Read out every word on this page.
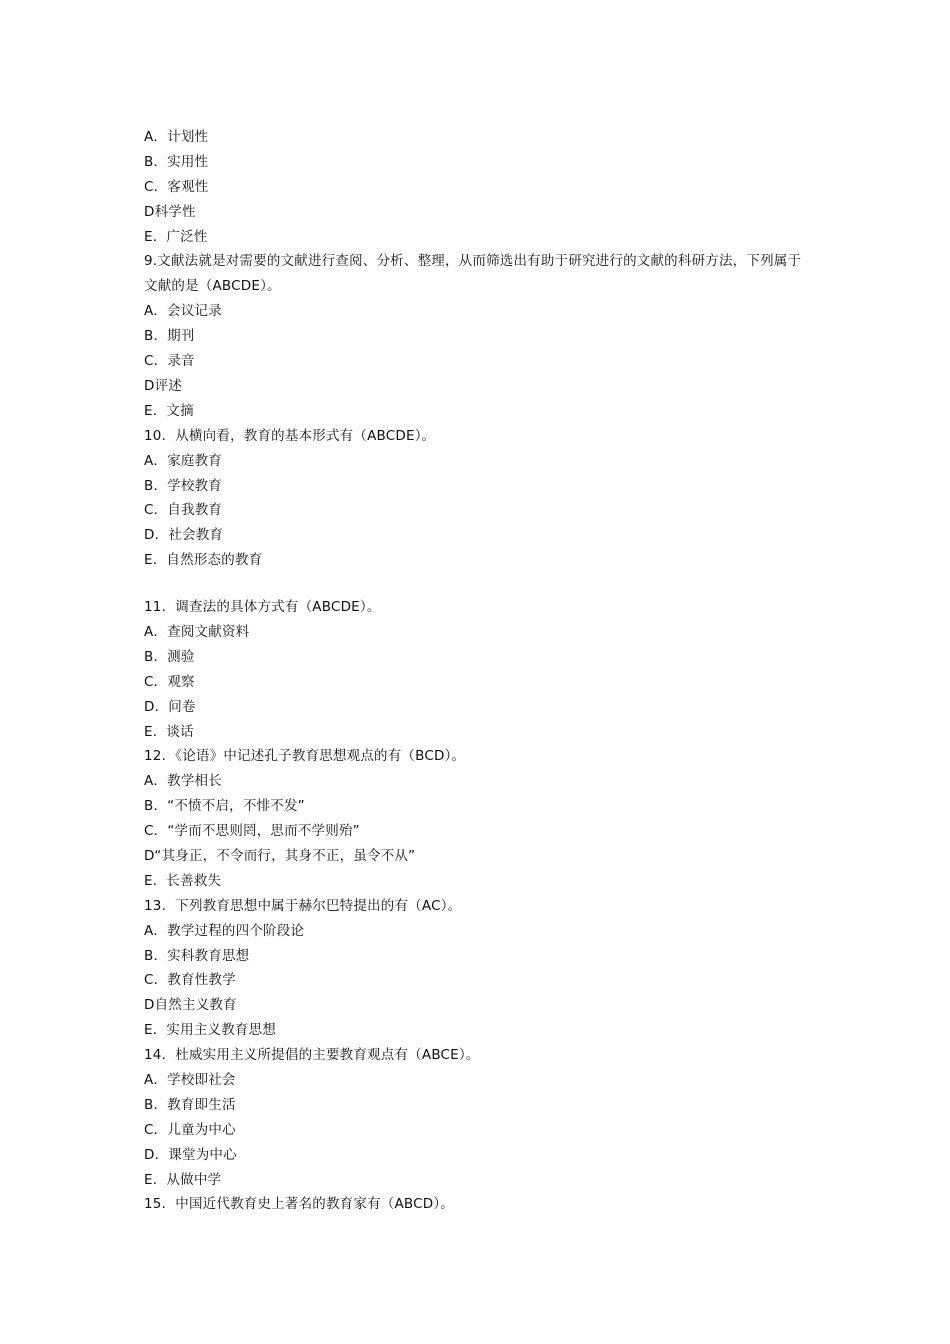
A．计划性
B．实用性
C．客观性
D科学性
E．广泛性
9.文献法就是对需要的文献进行查阅、分析、整理，从而筛选出有助于研究进行的文献的科研方法，下列属于文献的是（ABCDE）。
A．会议记录
B．期刊
C．录音
D评述
E．文摘
10．从横向看，教育的基本形式有（ABCDE）。
A．家庭教育
B．学校教育
C．自我教育
D．社会教育
E．自然形态的教育
11．调查法的具体方式有（ABCDE）。
A．查阅文献资料
B．测验
C．观察
D．问卷
E．谈话
12．《论语》中记述孔子教育思想观点的有（BCD）。
A．教学相长
B．“不愤不启，不悱不发”
C．“学而不思则罔，思而不学则殆”
D“其身正，不令而行，其身不正，虽令不从”
E．长善救失
13．下列教育思想中属于赫尔巴特提出的有（AC）。
A．教学过程的四个阶段论
B．实科教育思想
C．教育性教学
D自然主义教育
E．实用主义教育思想
14．杜威实用主义所提倡的主要教育观点有（ABCE）。
A．学校即社会
B．教育即生活
C．儿童为中心
D．课堂为中心
E．从做中学
15．中国近代教育史上著名的教育家有（ABCD）。
